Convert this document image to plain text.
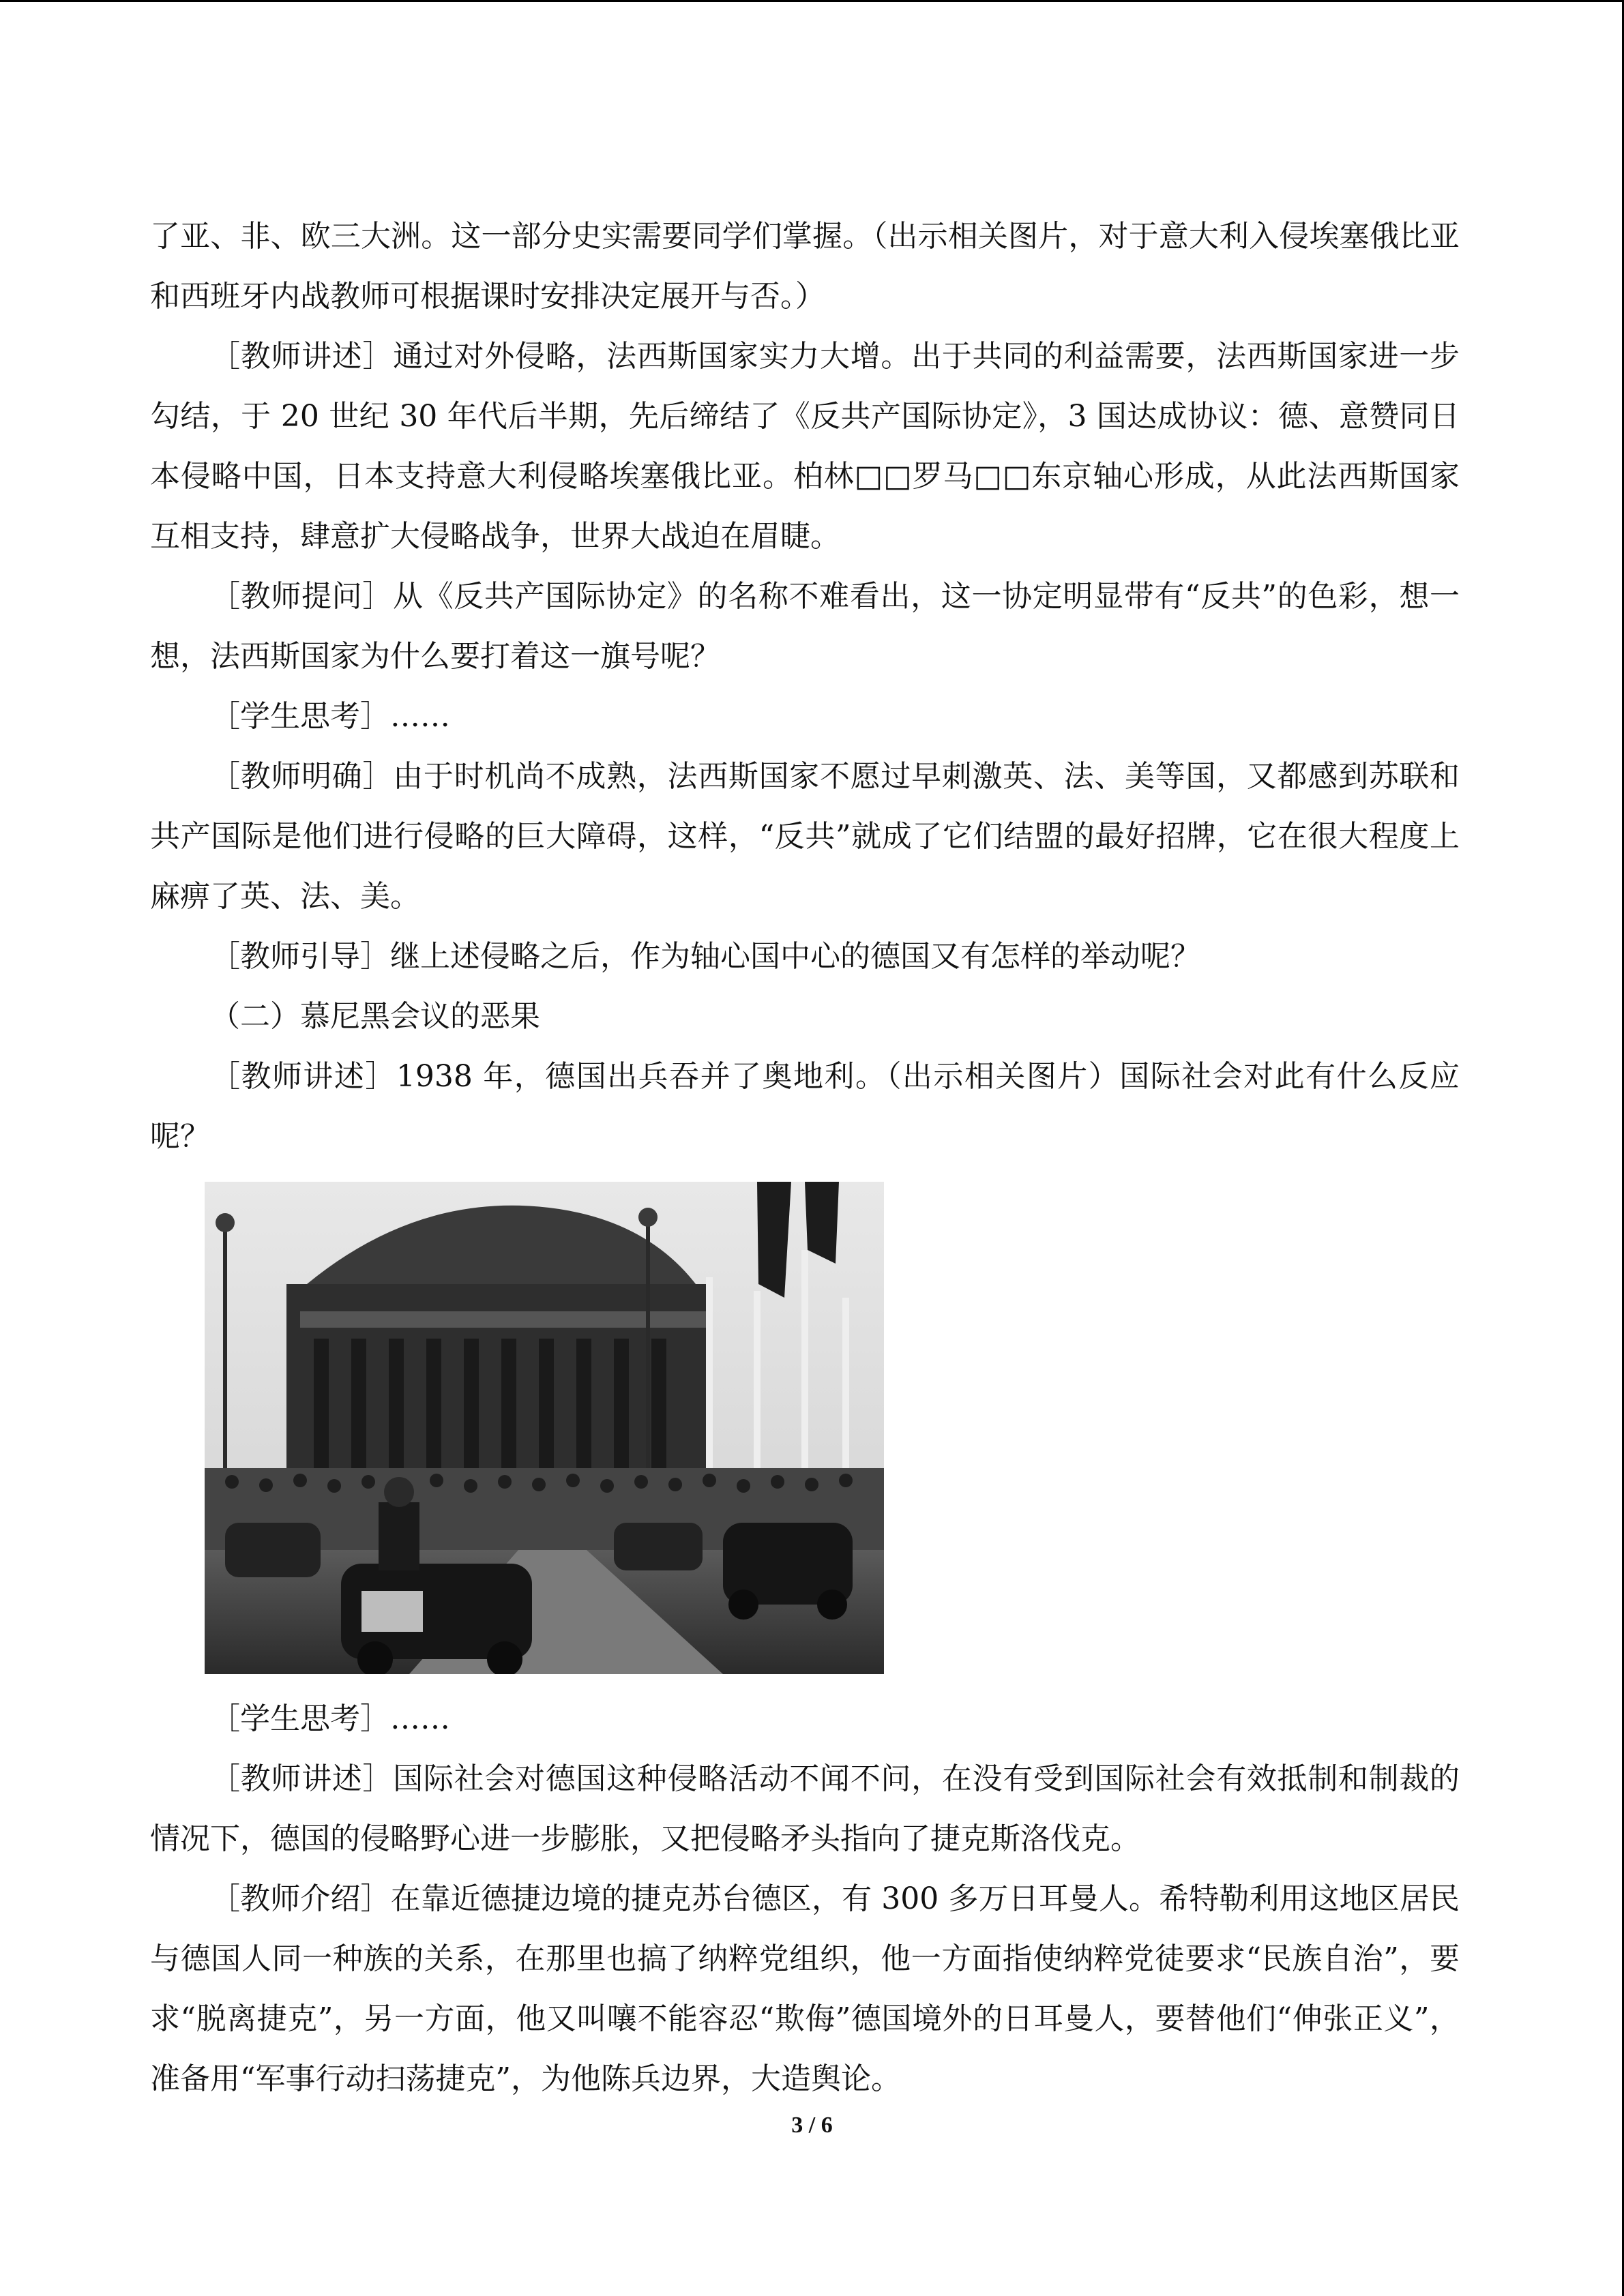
了亚、非、欧三大洲。这一部分史实需要同学们掌握。（出示相关图片，对于意大利入侵埃塞俄比亚和西班牙内战教师可根据课时安排决定展开与否。）

［教师讲述］通过对外侵略，法西斯国家实力大增。出于共同的利益需要，法西斯国家进一步勾结，于 20 世纪 30 年代后半期，先后缔结了《反共产国际协定》，3 国达成协议：德、意赞同日本侵略中国，日本支持意大利侵略埃塞俄比亚。柏林□□罗马□□东京轴心形成，从此法西斯国家互相支持，肆意扩大侵略战争，世界大战迫在眉睫。

［教师提问］从《反共产国际协定》的名称不难看出，这一协定明显带有“反共”的色彩，想一想，法西斯国家为什么要打着这一旗号呢？

［学生思考］……

［教师明确］由于时机尚不成熟，法西斯国家不愿过早刺激英、法、美等国，又都感到苏联和共产国际是他们进行侵略的巨大障碍，这样，“反共”就成了它们结盟的最好招牌，它在很大程度上麻痹了英、法、美。

［教师引导］继上述侵略之后，作为轴心国中心的德国又有怎样的举动呢？

（二）慕尼黑会议的恶果

［教师讲述］1938 年，德国出兵吞并了奥地利。（出示相关图片）国际社会对此有什么反应呢？

［学生思考］……

［教师讲述］国际社会对德国这种侵略活动不闻不问，在没有受到国际社会有效抵制和制裁的情况下，德国的侵略野心进一步膨胀，又把侵略矛头指向了捷克斯洛伐克。

［教师介绍］在靠近德捷边境的捷克苏台德区，有 300 多万日耳曼人。希特勒利用这地区居民与德国人同一种族的关系，在那里也搞了纳粹党组织，他一方面指使纳粹党徒要求“民族自治”，要求“脱离捷克”，另一方面，他又叫嚷不能容忍“欺侮”德国境外的日耳曼人，要替他们“伸张正义”，准备用“军事行动扫荡捷克”，为他陈兵边界，大造舆论。

3 / 6
